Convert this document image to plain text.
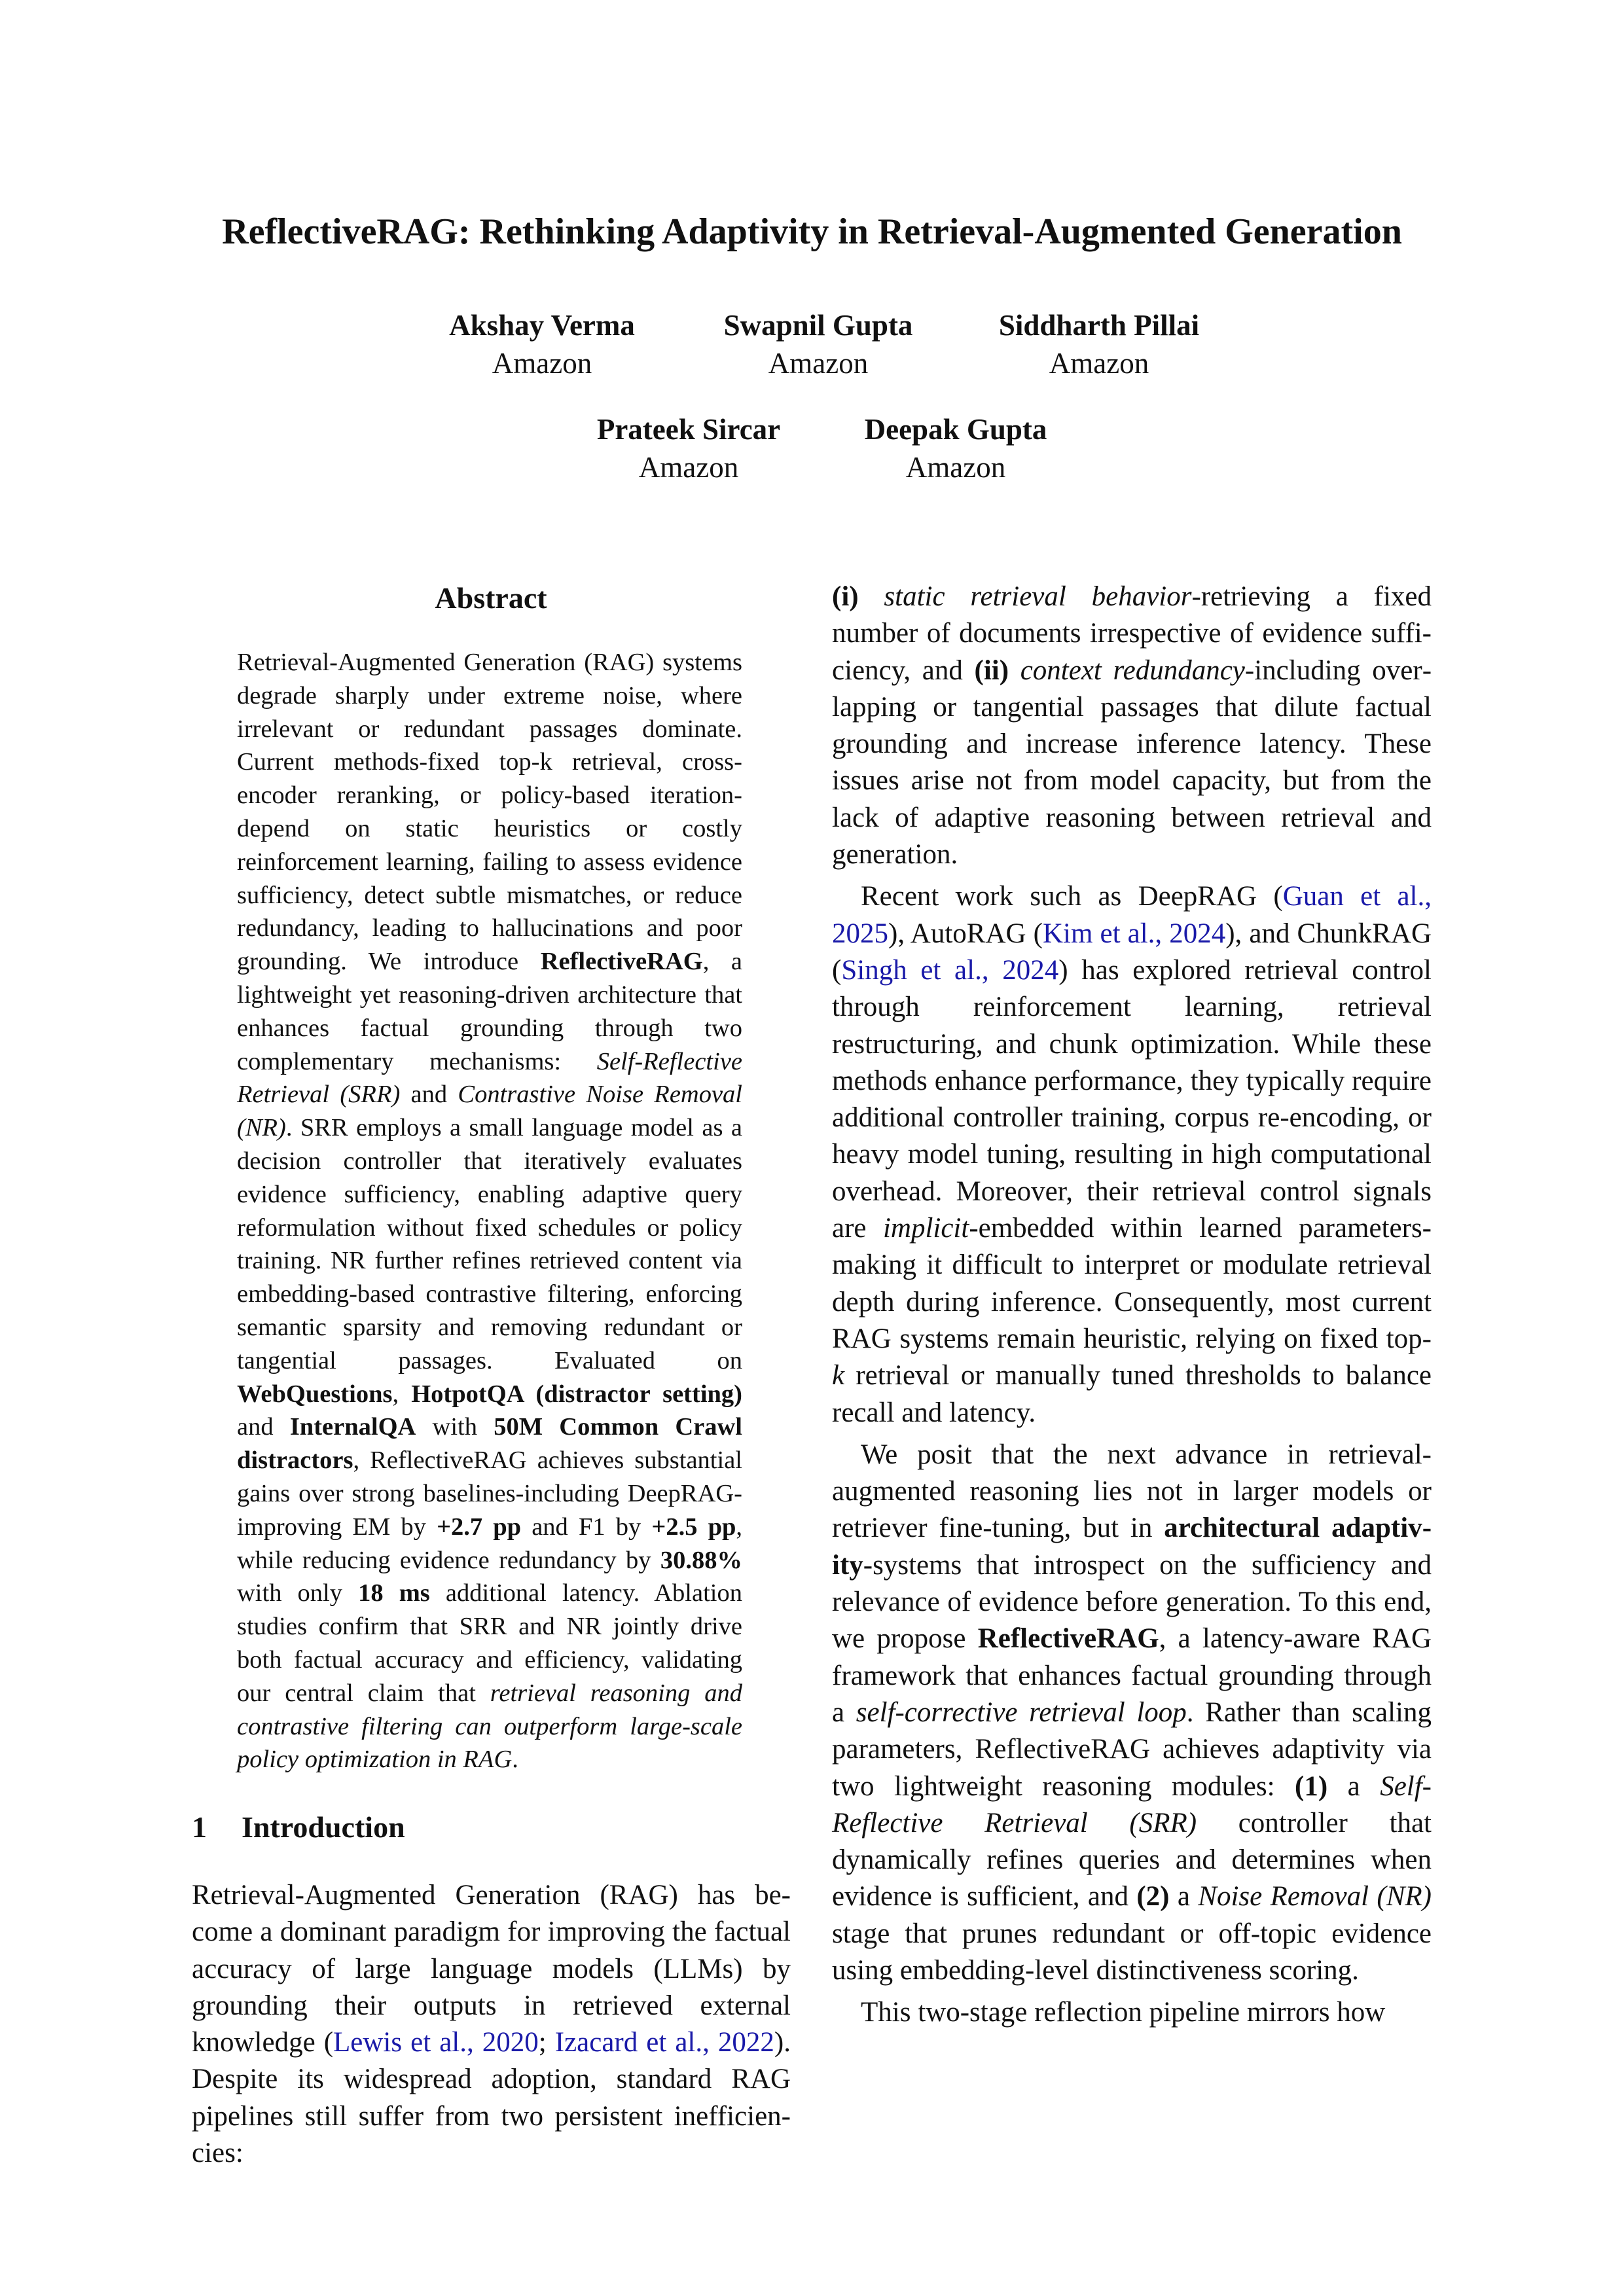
ReflectiveRAG: Rethinking Adaptivity in Retrieval-Augmented Generation
Akshay Verma
Amazon
Swapnil Gupta
Amazon
Siddharth Pillai
Amazon
Prateek Sircar
Amazon
Deepak Gupta
Amazon
Abstract
Retrieval-Augmented Generation (RAG) systems degrade sharply under extreme noise, where irrelevant or redundant passages dominate. Current methods-fixed top-k retrieval, cross-encoder reranking, or policy-based iteration-depend on static heuristics or costly reinforcement learning, failing to assess evidence sufficiency, detect subtle mismatches, or reduce redundancy, leading to hallucinations and poor grounding. We introduce ReflectiveRAG, a lightweight yet reasoning-driven architecture that enhances factual grounding through two complementary mechanisms: Self-Reflective Retrieval (SRR) and Contrastive Noise Removal (NR). SRR employs a small language model as a decision controller that iteratively evaluates evidence sufficiency, enabling adaptive query reformulation without fixed schedules or policy training. NR further refines retrieved content via embedding-based contrastive filtering, enforcing semantic sparsity and removing redundant or tangential passages. Evaluated on WebQuestions, HotpotQA (distractor setting) and InternalQA with 50M Common Crawl distractors, ReflectiveRAG achieves substantial gains over strong baselines-including DeepRAG-improving EM by +2.7 pp and F1 by +2.5 pp, while reducing evidence redundancy by 30.88% with only 18 ms additional latency. Ablation studies confirm that SRR and NR jointly drive both factual accuracy and efficiency, validating our central claim that retrieval reasoning and contrastive filtering can outperform large-scale policy optimization in RAG.
1 Introduction
Retrieval-Augmented Generation (RAG) has become a dominant paradigm for improving the factual accuracy of large language models (LLMs) by grounding their outputs in retrieved external knowledge (Lewis et al., 2020; Izacard et al., 2022). Despite its widespread adoption, standard RAG pipelines still suffer from two persistent inefficiencies:
(i) static retrieval behavior-retrieving a fixed number of documents irrespective of evidence sufficiency, and (ii) context redundancy-including overlapping or tangential passages that dilute factual grounding and increase inference latency. These issues arise not from model capacity, but from the lack of adaptive reasoning between retrieval and generation.
Recent work such as DeepRAG (Guan et al., 2025), AutoRAG (Kim et al., 2024), and ChunkRAG (Singh et al., 2024) has explored retrieval control through reinforcement learning, retrieval restructuring, and chunk optimization. While these methods enhance performance, they typically require additional controller training, corpus re-encoding, or heavy model tuning, resulting in high computational overhead. Moreover, their retrieval control signals are implicit-embedded within learned parameters-making it difficult to interpret or modulate retrieval depth during inference. Consequently, most current RAG systems remain heuristic, relying on fixed top-k retrieval or manually tuned thresholds to balance recall and latency.
We posit that the next advance in retrieval-augmented reasoning lies not in larger models or retriever fine-tuning, but in architectural adaptivity-systems that introspect on the sufficiency and relevance of evidence before generation. To this end, we propose ReflectiveRAG, a latency-aware RAG framework that enhances factual grounding through a self-corrective retrieval loop. Rather than scaling parameters, ReflectiveRAG achieves adaptivity via two lightweight reasoning modules: (1) a Self-Reflective Retrieval (SRR) controller that dynamically refines queries and determines when evidence is sufficient, and (2) a Noise Removal (NR) stage that prunes redundant or off-topic evidence using embedding-level distinctiveness scoring.
This two-stage reflection pipeline mirrors how
